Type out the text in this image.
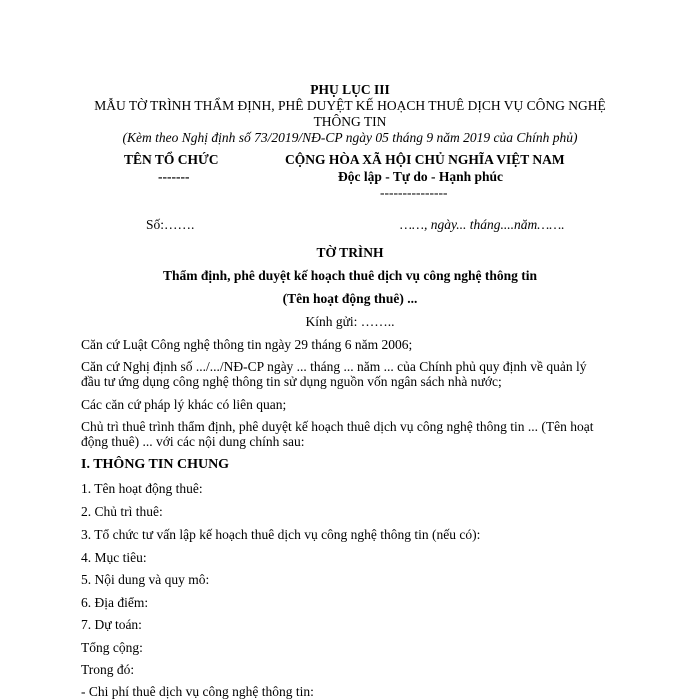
PHỤ LỤC III
MẪU TỜ TRÌNH THẨM ĐỊNH, PHÊ DUYỆT KẾ HOẠCH THUÊ DỊCH VỤ CÔNG NGHỆ
THÔNG TIN
(Kèm theo Nghị định số 73/2019/NĐ-CP ngày 05 tháng 9 năm 2019 của Chính phủ)
TÊN TỔ CHỨC
-------
CỘNG HÒA XÃ HỘI CHỦ NGHĨA VIỆT NAM
Độc lập - Tự do - Hạnh phúc
---------------
Số:…….	……, ngày... tháng....năm…….
TỜ TRÌNH
Thẩm định, phê duyệt kế hoạch thuê dịch vụ công nghệ thông tin
(Tên hoạt động thuê) ...
Kính gửi: ……..
Căn cứ Luật Công nghệ thông tin ngày 29 tháng 6 năm 2006;
Căn cứ Nghị định số .../.../NĐ-CP ngày ... tháng ... năm ... của Chính phủ quy định về quản lý
đầu tư ứng dụng công nghệ thông tin sử dụng nguồn vốn ngân sách nhà nước;
Các căn cứ pháp lý khác có liên quan;
Chủ trì thuê trình thẩm định, phê duyệt kế hoạch thuê dịch vụ công nghệ thông tin ... (Tên hoạt
động thuê) ... với các nội dung chính sau:
I. THÔNG TIN CHUNG
1. Tên hoạt động thuê:
2. Chủ trì thuê:
3. Tổ chức tư vấn lập kế hoạch thuê dịch vụ công nghệ thông tin (nếu có):
4. Mục tiêu:
5. Nội dung và quy mô:
6. Địa điểm:
7. Dự toán:
Tổng cộng:
Trong đó:
- Chi phí thuê dịch vụ công nghệ thông tin:
